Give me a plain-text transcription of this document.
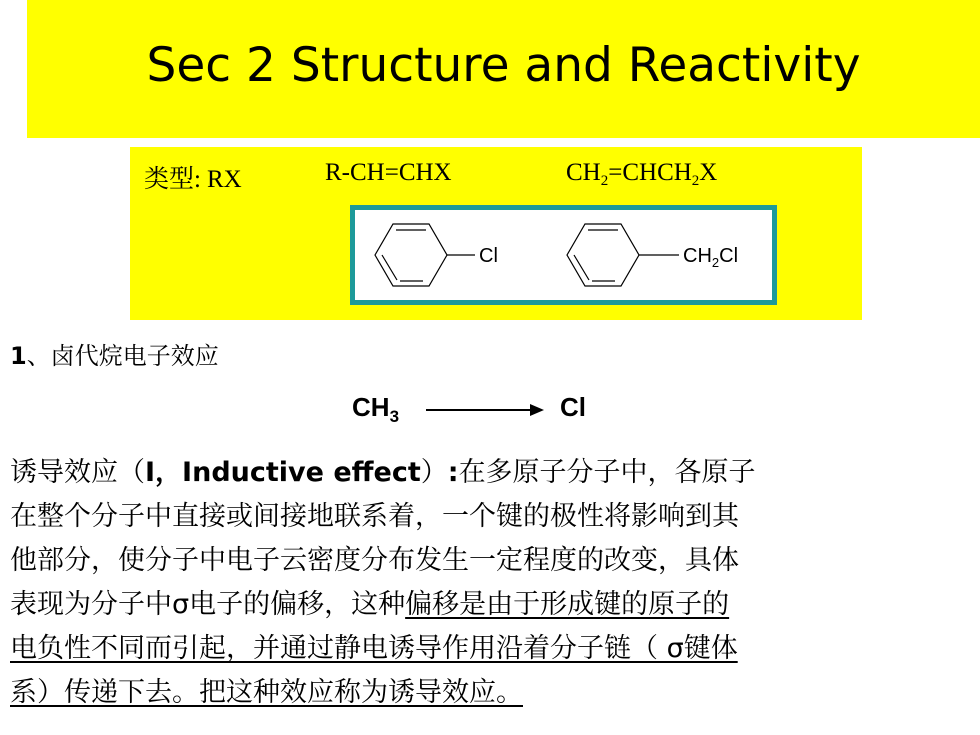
Sec 2 Structure and Reactivity
类型: RX	R-CH=CHX	$CH_2=CHCH_2X$
Cl	$CH_2Cl$
1、卤代烷电子效应
$CH_3$	Cl
诱导效应（I，Inductive effect）:在多原子分子中，各原子
在整个分子中直接或间接地联系着，一个键的极性将影响到其
他部分，使分子中电子云密度分布发生一定程度的改变，具体
表现为分子中σ电子的偏移，这种偏移是由于形成键的原子的
电负性不同而引起，并通过静电诱导作用沿着分子链（ σ键体
系）传递下去。把这种效应称为诱导效应。
